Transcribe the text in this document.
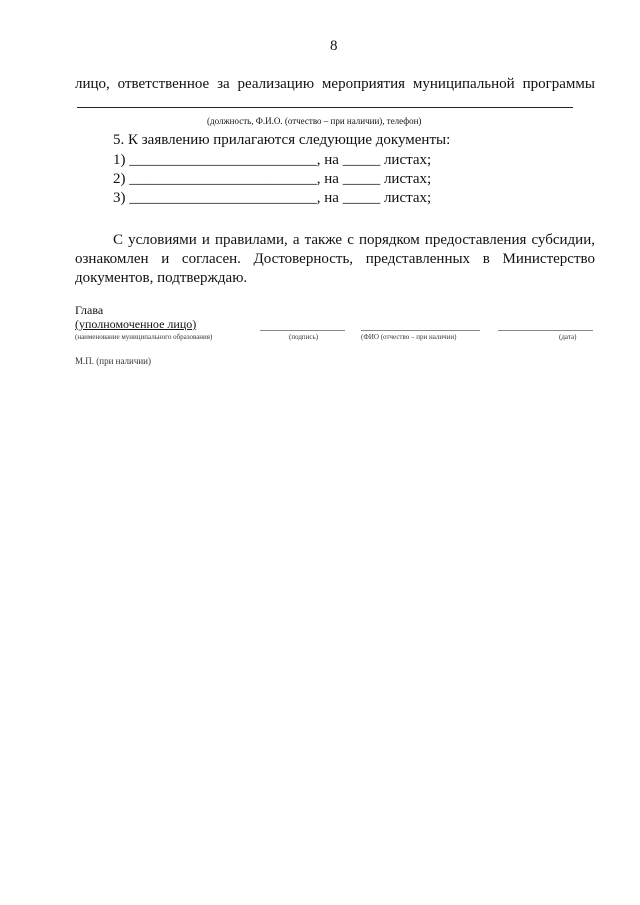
8
лицо, ответственное за реализацию мероприятия муниципальной программы
(должность, Ф.И.О. (отчество – при наличии), телефон)
5. К заявлению прилагаются следующие документы:
1) _________________________, на _____ листах;
2) _________________________, на _____ листах;
3) _________________________, на _____ листах;
С условиями и правилами, а также с порядком предоставления субсидии,
ознакомлен и согласен. Достоверность, представленных в Министерство
документов, подтверждаю.
Глава
(уполномоченное лицо)
(наименование муниципального образования)	(подпись)	(ФИО (отчество – при наличии)	(дата)
М.П. (при наличии)
